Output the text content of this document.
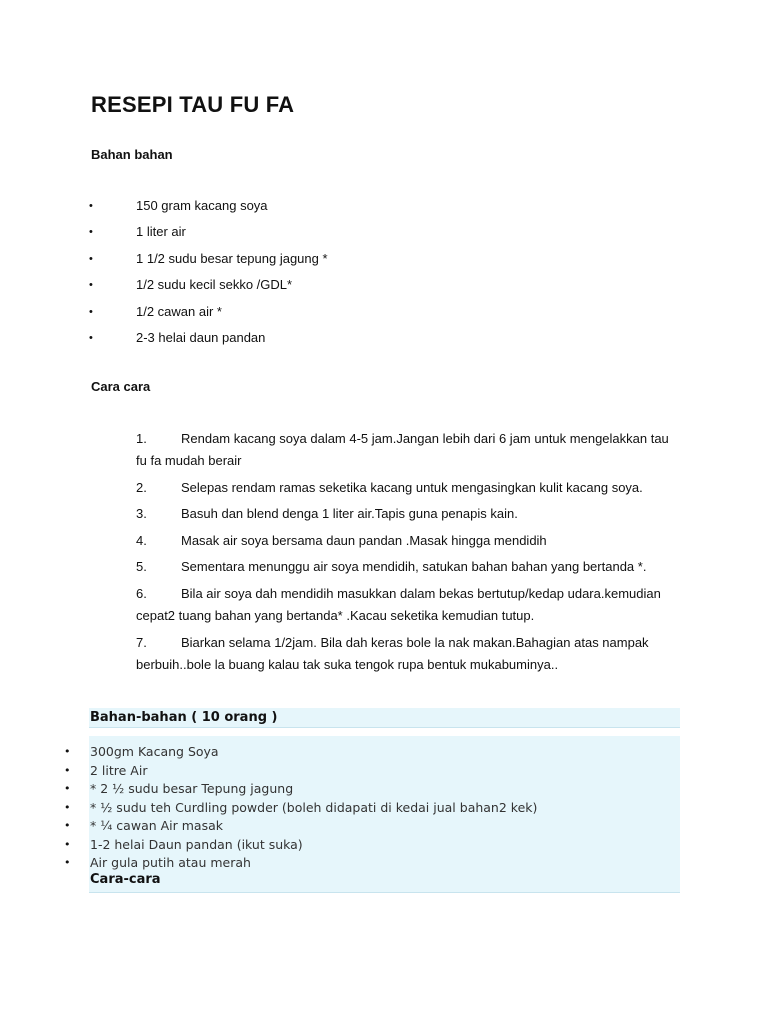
RESEPI TAU FU FA
Bahan bahan
•	150 gram kacang soya
•	1 liter air
•	1 1/2 sudu besar tepung jagung *
•	1/2 sudu kecil sekko /GDL*
•	1/2 cawan air *
•	2-3 helai daun pandan
Cara cara
1.	Rendam kacang soya dalam 4-5 jam.Jangan lebih dari 6 jam untuk mengelakkan tau fu fa mudah berair
2.	Selepas rendam ramas seketika kacang untuk mengasingkan kulit kacang soya.
3.	Basuh dan blend denga 1 liter air.Tapis guna penapis kain.
4.	Masak air soya bersama daun pandan .Masak hingga mendidih
5.	Sementara menunggu air soya mendidih, satukan bahan bahan yang bertanda *.
6.	Bila air soya dah mendidih masukkan dalam bekas bertutup/kedap udara.kemudian cepat2 tuang bahan yang bertanda* .Kacau seketika kemudian tutup.
7.	Biarkan selama 1/2jam. Bila dah keras bole la nak makan.Bahagian atas nampak berbuih..bole la buang kalau tak suka tengok rupa bentuk mukabuminya..
Bahan-bahan ( 10 orang )
• 300gm Kacang Soya
• 2 litre Air
• * 2 ½ sudu besar Tepung jagung
• * ½ sudu teh Curdling powder (boleh didapati di kedai jual bahan2 kek)
• * ¼ cawan Air masak
• 1-2 helai Daun pandan (ikut suka)
• Air gula putih atau merah
Cara-cara
